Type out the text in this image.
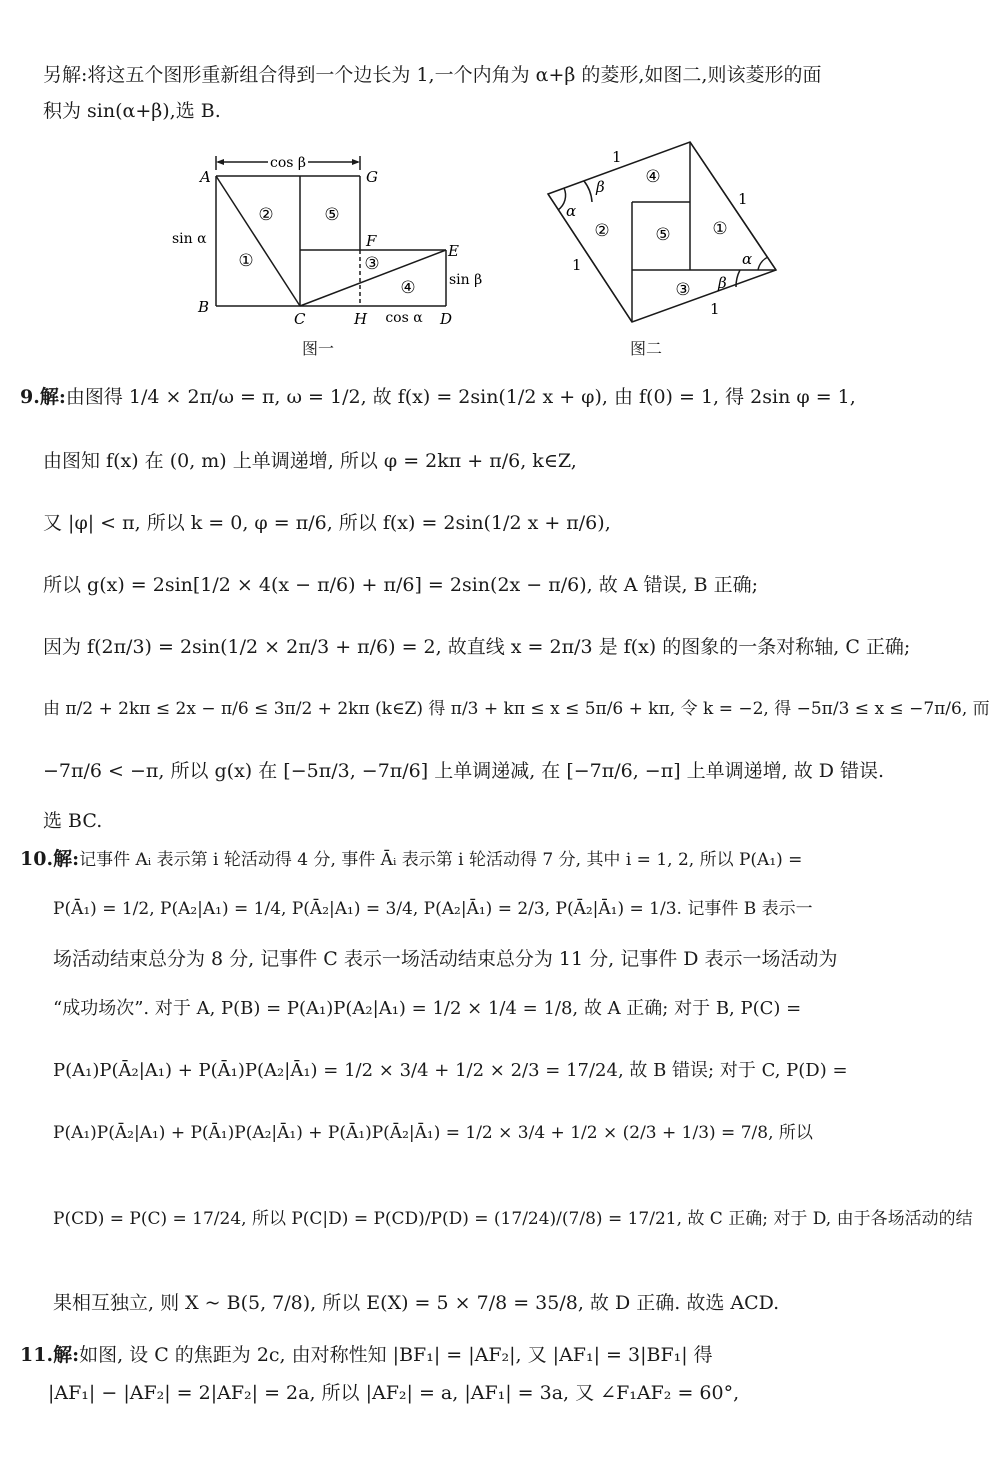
另解:将这五个图形重新组合得到一个边长为 1,一个内角为 α+β 的菱形,如图二,则该菱形的面
积为 sin(α+β),选 B.
cos β
sin α
sin β
cos α
A	G
F
E
B
C	H	D
②	⑤
①	③
④
图一
1
1
1
1
β
α
α
β
④
②	⑤ ①
③
图二
9.解:由图得 1/4 × 2π/ω = π, ω = 1/2, 故 f(x) = 2sin(1/2 x + φ), 由 f(0) = 1, 得 2sin φ = 1,
由图知 f(x) 在 (0, m) 上单调递增, 所以 φ = 2kπ + π/6, k∈Z,
又 |φ| < π, 所以 k = 0, φ = π/6, 所以 f(x) = 2sin(1/2 x + π/6),
所以 g(x) = 2sin[1/2 × 4(x − π/6) + π/6] = 2sin(2x − π/6), 故 A 错误, B 正确;
因为 f(2π/3) = 2sin(1/2 × 2π/3 + π/6) = 2, 故直线 x = 2π/3 是 f(x) 的图象的一条对称轴, C 正确;
由 π/2 + 2kπ ≤ 2x − π/6 ≤ 3π/2 + 2kπ (k∈Z) 得 π/3 + kπ ≤ x ≤ 5π/6 + kπ, 令 k = −2, 得 −5π/3 ≤ x ≤ −7π/6, 而
−7π/6 < −π, 所以 g(x) 在 [−5π/3, −7π/6] 上单调递减, 在 [−7π/6, −π] 上单调递增, 故 D 错误.
选 BC.
10.解:记事件 Aᵢ 表示第 i 轮活动得 4 分, 事件 Āᵢ 表示第 i 轮活动得 7 分, 其中 i = 1, 2, 所以 P(A₁) =
P(Ā₁) = 1/2, P(A₂|A₁) = 1/4, P(Ā₂|A₁) = 3/4, P(A₂|Ā₁) = 2/3, P(Ā₂|Ā₁) = 1/3. 记事件 B 表示一
场活动结束总分为 8 分, 记事件 C 表示一场活动结束总分为 11 分, 记事件 D 表示一场活动为
“成功场次”. 对于 A, P(B) = P(A₁)P(A₂|A₁) = 1/2 × 1/4 = 1/8, 故 A 正确; 对于 B, P(C) =
P(A₁)P(Ā₂|A₁) + P(Ā₁)P(A₂|Ā₁) = 1/2 × 3/4 + 1/2 × 2/3 = 17/24, 故 B 错误; 对于 C, P(D) =
P(A₁)P(Ā₂|A₁) + P(Ā₁)P(A₂|Ā₁) + P(Ā₁)P(Ā₂|Ā₁) = 1/2 × 3/4 + 1/2 × (2/3 + 1/3) = 7/8, 所以
P(CD) = P(C) = 17/24, 所以 P(C|D) = P(CD)/P(D) = (17/24)/(7/8) = 17/21, 故 C 正确; 对于 D, 由于各场活动的结
果相互独立, 则 X ~ B(5, 7/8), 所以 E(X) = 5 × 7/8 = 35/8, 故 D 正确. 故选 ACD.
11.解:如图, 设 C 的焦距为 2c, 由对称性知 |BF₁| = |AF₂|, 又 |AF₁| = 3|BF₁| 得
|AF₁| − |AF₂| = 2|AF₂| = 2a, 所以 |AF₂| = a, |AF₁| = 3a, 又 ∠F₁AF₂ = 60°,
